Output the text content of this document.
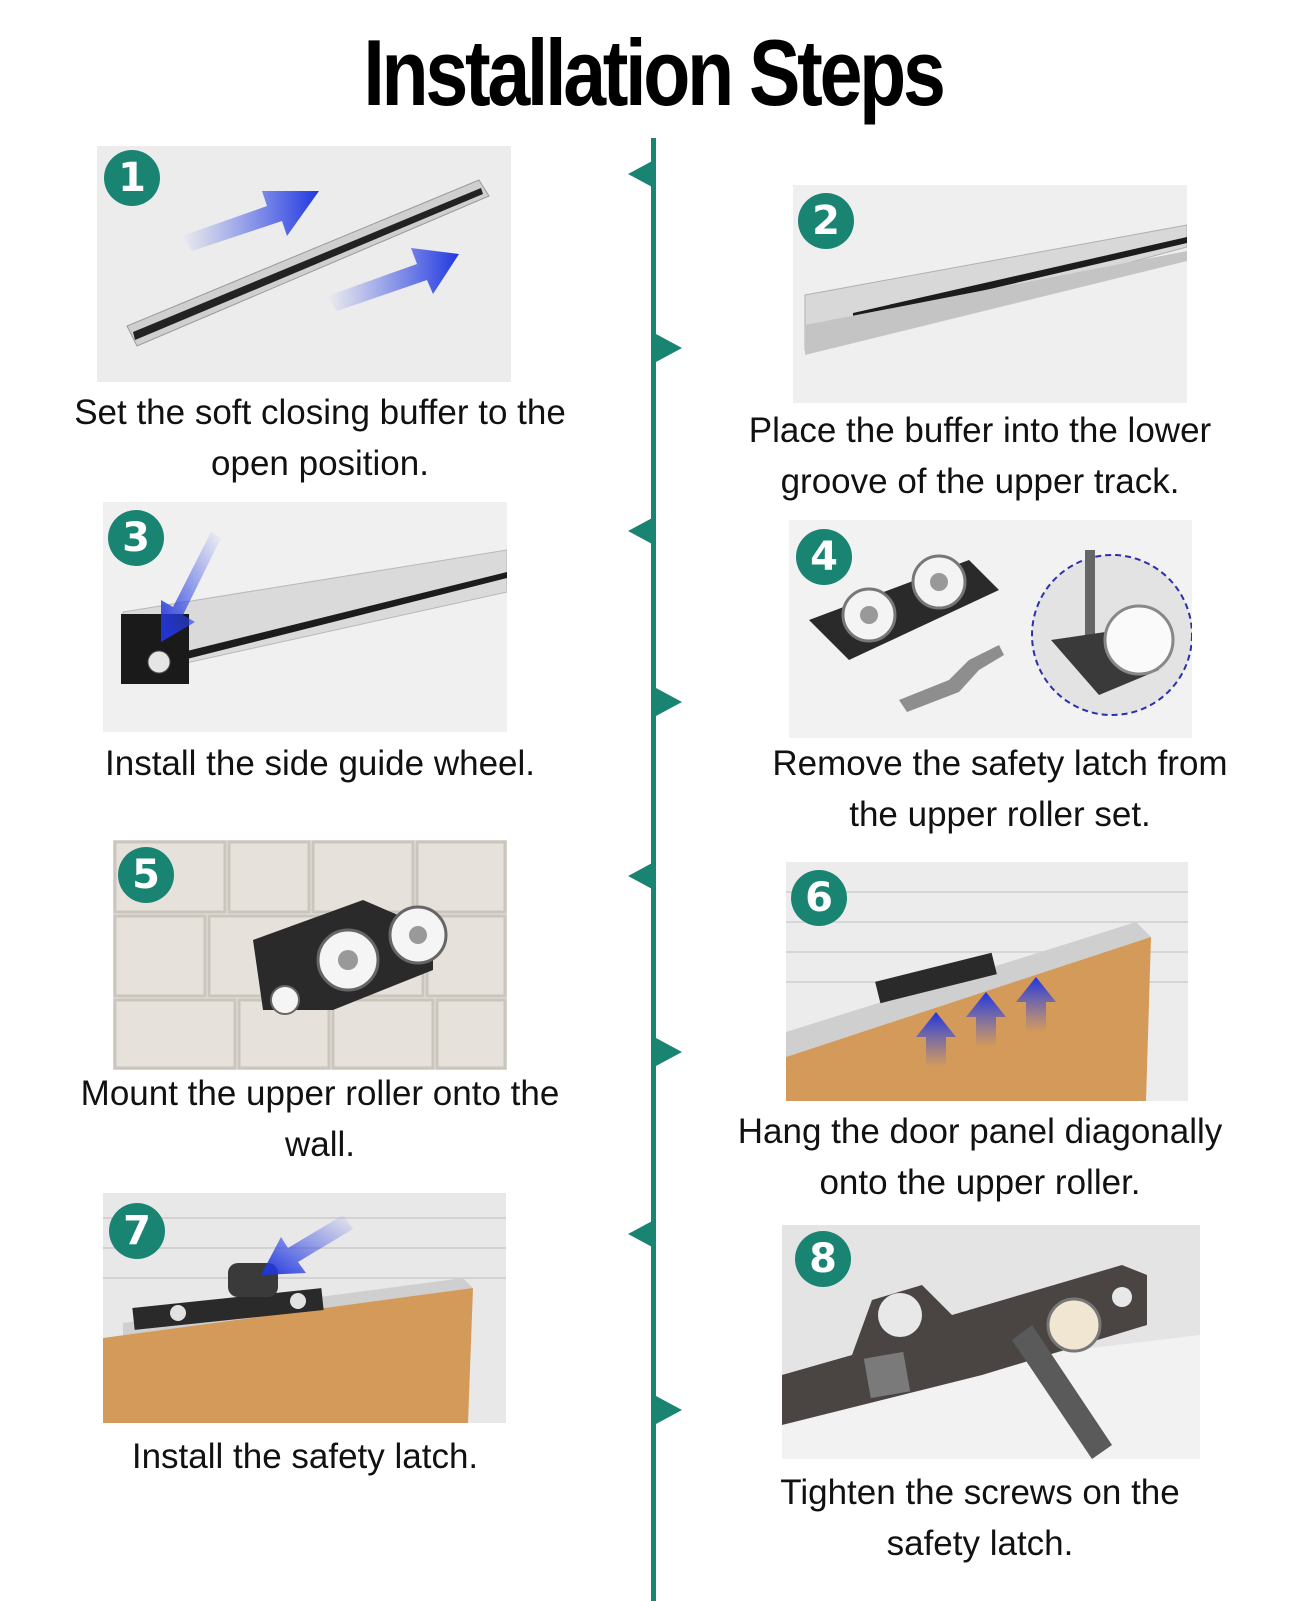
Installation Steps
1
Set the soft closing buffer to the
open position.
2
Place the buffer into the lower
groove of the upper track.
3
Install the side guide wheel.
4
Remove the safety latch from
the upper roller set.
5
Mount the upper roller onto the
wall.
6
Hang the door panel diagonally
onto the upper roller.
7
Install the safety latch.
8
Tighten the screws on the
safety latch.
